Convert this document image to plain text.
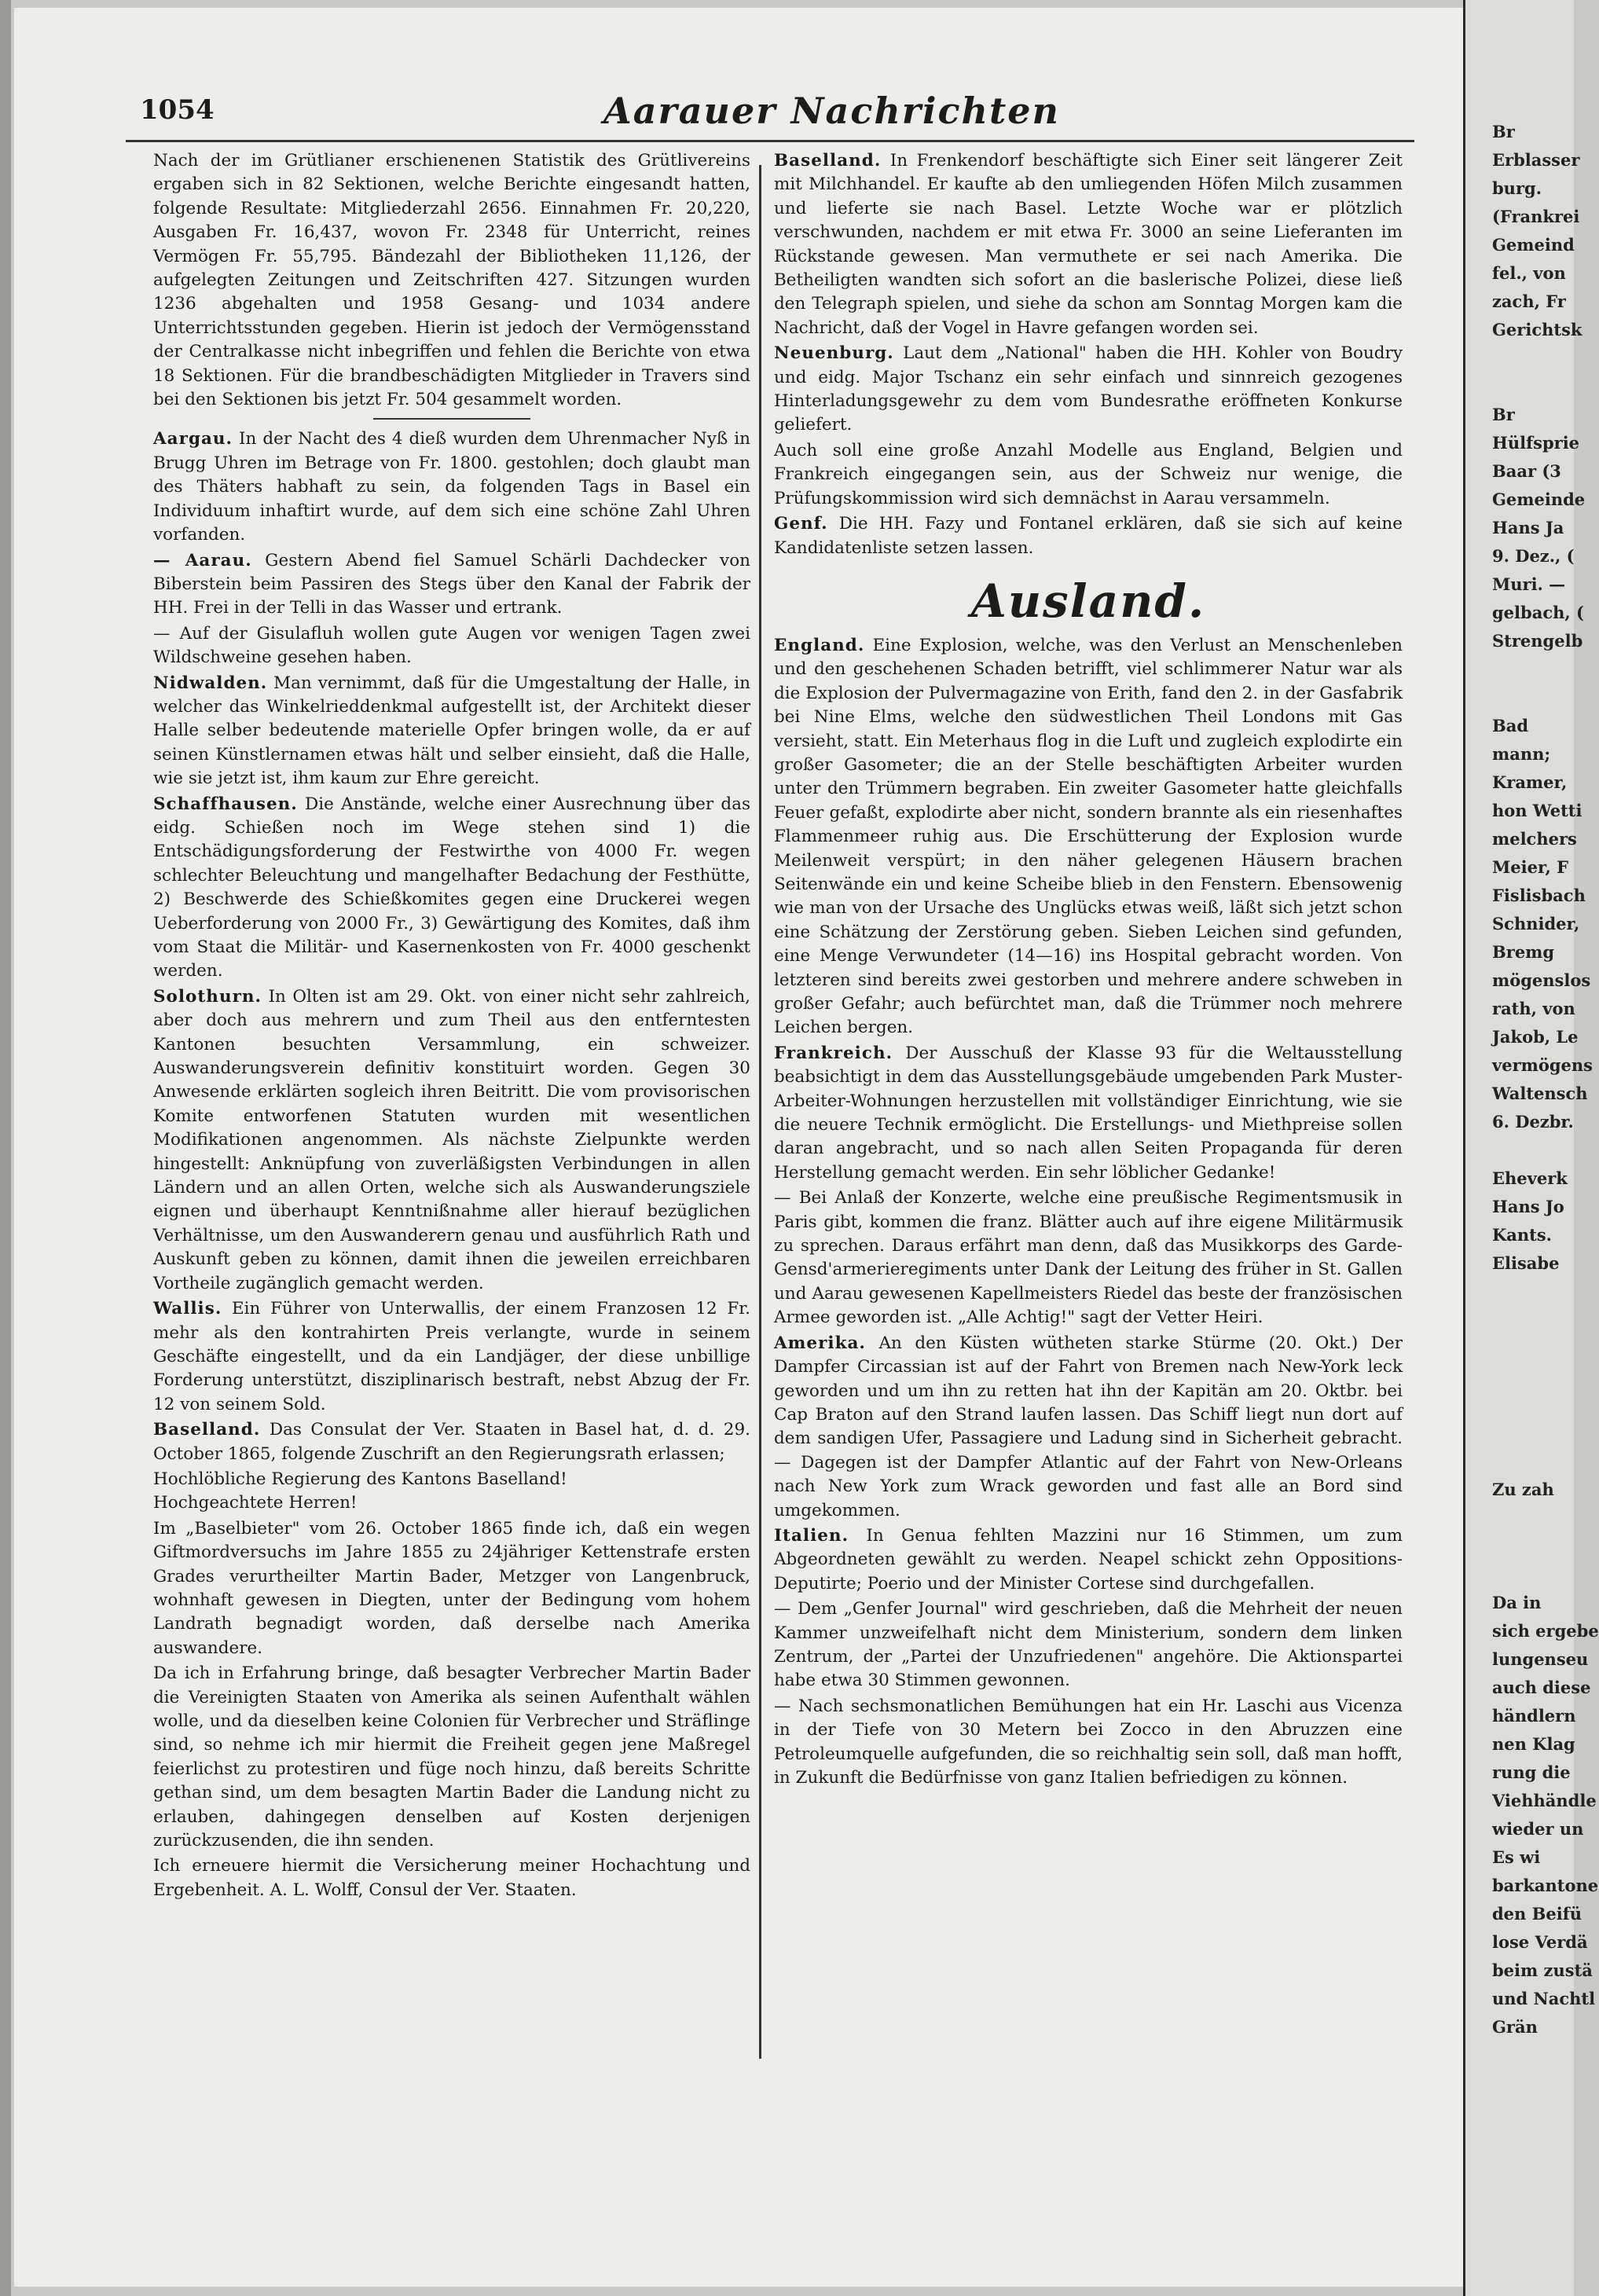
1054	Aarauer Nachrichten

Nach der im Grütlianer erschienenen Statistik des Grütlivereins ergaben sich in 82 Sektionen, welche Berichte eingesandt hatten, folgende Resultate: Mitgliederzahl 2656. Einnahmen Fr. 20,220, Ausgaben Fr. 16,437, wovon Fr. 2348 für Unterricht, reines Vermögen Fr. 55,795. Bändezahl der Bibliotheken 11,126, der aufgelegten Zeitungen und Zeitschriften 427. Sitzungen wurden 1236 abgehalten und 1958 Gesang- und 1034 andere Unterrichtsstunden gegeben. Hierin ist jedoch der Vermögensstand der Centralkasse nicht inbegriffen und fehlen die Berichte von etwa 18 Sektionen. Für die brandbeschädigten Mitglieder in Travers sind bei den Sektionen bis jetzt Fr. 504 gesammelt worden.

Aargau. In der Nacht des 4 dieß wurden dem Uhrenmacher Nyß in Brugg Uhren im Betrage von Fr. 1800. gestohlen; doch glaubt man des Thäters habhaft zu sein, da folgenden Tags in Basel ein Individuum inhaftirt wurde, auf dem sich eine schöne Zahl Uhren vorfanden.

— Aarau. Gestern Abend fiel Samuel Schärli Dachdecker von Biberstein beim Passiren des Stegs über den Kanal der Fabrik der HH. Frei in der Telli in das Wasser und ertrank.

— Auf der Gisulafluh wollen gute Augen vor wenigen Tagen zwei Wildschweine gesehen haben.

Nidwalden. Man vernimmt, daß für die Umgestaltung der Halle, in welcher das Winkelrieddenkmal aufgestellt ist, der Architekt dieser Halle selber bedeutende materielle Opfer bringen wolle, da er auf seinen Künstlernamen etwas hält und selber einsieht, daß die Halle, wie sie jetzt ist, ihm kaum zur Ehre gereicht.

Schaffhausen. Die Anstände, welche einer Ausrechnung über das eidg. Schießen noch im Wege stehen sind 1) die Entschädigungsforderung der Festwirthe von 4000 Fr. wegen schlechter Beleuchtung und mangelhafter Bedachung der Festhütte, 2) Beschwerde des Schießkomites gegen eine Druckerei wegen Ueberforderung von 2000 Fr., 3) Gewärtigung des Komites, daß ihm vom Staat die Militär- und Kasernenkosten von Fr. 4000 geschenkt werden.

Solothurn. In Olten ist am 29. Okt. von einer nicht sehr zahlreich, aber doch aus mehrern und zum Theil aus den entferntesten Kantonen besuchten Versammlung, ein schweizer. Auswanderungsverein definitiv konstituirt worden. Gegen 30 Anwesende erklärten sogleich ihren Beitritt. Die vom provisorischen Komite entworfenen Statuten wurden mit wesentlichen Modifikationen angenommen. Als nächste Zielpunkte werden hingestellt: Anknüpfung von zuverläßigsten Verbindungen in allen Ländern und an allen Orten, welche sich als Auswanderungsziele eignen und überhaupt Kenntnißnahme aller hierauf bezüglichen Verhältnisse, um den Auswanderern genau und ausführlich Rath und Auskunft geben zu können, damit ihnen die jeweilen erreichbaren Vortheile zugänglich gemacht werden.

Wallis. Ein Führer von Unterwallis, der einem Franzosen 12 Fr. mehr als den kontrahirten Preis verlangte, wurde in seinem Geschäfte eingestellt, und da ein Landjäger, der diese unbillige Forderung unterstützt, disziplinarisch bestraft, nebst Abzug der Fr. 12 von seinem Sold.

Baselland. Das Consulat der Ver. Staaten in Basel hat, d. d. 29. October 1865, folgende Zuschrift an den Regierungsrath erlassen;

Hochlöbliche Regierung des Kantons Baselland!
Hochgeachtete Herren!

Im „Baselbieter" vom 26. October 1865 finde ich, daß ein wegen Giftmordversuchs im Jahre 1855 zu 24jähriger Kettenstrafe ersten Grades verurtheilter Martin Bader, Metzger von Langenbruck, wohnhaft gewesen in Diegten, unter der Bedingung vom hohem Landrath begnadigt worden, daß derselbe nach Amerika auswandere.

Da ich in Erfahrung bringe, daß besagter Verbrecher Martin Bader die Vereinigten Staaten von Amerika als seinen Aufenthalt wählen wolle, und da dieselben keine Colonien für Verbrecher und Sträflinge sind, so nehme ich mir hiermit die Freiheit gegen jene Maßregel feierlichst zu protestiren und füge noch hinzu, daß bereits Schritte gethan sind, um dem besagten Martin Bader die Landung nicht zu erlauben, dahingegen denselben auf Kosten derjenigen zurückzusenden, die ihn senden.

Ich erneuere hiermit die Versicherung meiner Hochachtung und Ergebenheit. A. L. Wolff, Consul der Ver. Staaten.

Baselland. In Frenkendorf beschäftigte sich Einer seit längerer Zeit mit Milchhandel. Er kaufte ab den umliegenden Höfen Milch zusammen und lieferte sie nach Basel. Letzte Woche war er plötzlich verschwunden, nachdem er mit etwa Fr. 3000 an seine Lieferanten im Rückstande gewesen. Man vermuthete er sei nach Amerika. Die Betheiligten wandten sich sofort an die baslerische Polizei, diese ließ den Telegraph spielen, und siehe da schon am Sonntag Morgen kam die Nachricht, daß der Vogel in Havre gefangen worden sei.

Neuenburg. Laut dem „National" haben die HH. Kohler von Boudry und eidg. Major Tschanz ein sehr einfach und sinnreich gezogenes Hinterladungsgewehr zu dem vom Bundesrathe eröffneten Konkurse geliefert.

Auch soll eine große Anzahl Modelle aus England, Belgien und Frankreich eingegangen sein, aus der Schweiz nur wenige, die Prüfungskommission wird sich demnächst in Aarau versammeln.

Genf. Die HH. Fazy und Fontanel erklären, daß sie sich auf keine Kandidatenliste setzen lassen.

Ausland.

England. Eine Explosion, welche, was den Verlust an Menschenleben und den geschehenen Schaden betrifft, viel schlimmerer Natur war als die Explosion der Pulvermagazine von Erith, fand den 2. in der Gasfabrik bei Nine Elms, welche den südwestlichen Theil Londons mit Gas versieht, statt. Ein Meterhaus flog in die Luft und zugleich explodirte ein großer Gasometer; die an der Stelle beschäftigten Arbeiter wurden unter den Trümmern begraben. Ein zweiter Gasometer hatte gleichfalls Feuer gefaßt, explodirte aber nicht, sondern brannte als ein riesenhaftes Flammenmeer ruhig aus. Die Erschütterung der Explosion wurde Meilenweit verspürt; in den näher gelegenen Häusern brachen Seitenwände ein und keine Scheibe blieb in den Fenstern. Ebensowenig wie man von der Ursache des Unglücks etwas weiß, läßt sich jetzt schon eine Schätzung der Zerstörung geben. Sieben Leichen sind gefunden, eine Menge Verwundeter (14—16) ins Hospital gebracht worden. Von letzteren sind bereits zwei gestorben und mehrere andere schweben in großer Gefahr; auch befürchtet man, daß die Trümmer noch mehrere Leichen bergen.

Frankreich. Der Ausschuß der Klasse 93 für die Weltausstellung beabsichtigt in dem das Ausstellungsgebäude umgebenden Park Muster-Arbeiter-Wohnungen herzustellen mit vollständiger Einrichtung, wie sie die neuere Technik ermöglicht. Die Erstellungs- und Miethpreise sollen daran angebracht, und so nach allen Seiten Propaganda für deren Herstellung gemacht werden. Ein sehr löblicher Gedanke!

— Bei Anlaß der Konzerte, welche eine preußische Regimentsmusik in Paris gibt, kommen die franz. Blätter auch auf ihre eigene Militärmusik zu sprechen. Daraus erfährt man denn, daß das Musikkorps des Garde-Gensd'armerieregiments unter Dank der Leitung des früher in St. Gallen und Aarau gewesenen Kapellmeisters Riedel das beste der französischen Armee geworden ist. „Alle Achtig!" sagt der Vetter Heiri.

Amerika. An den Küsten wütheten starke Stürme (20. Okt.) Der Dampfer Circassian ist auf der Fahrt von Bremen nach New-York leck geworden und um ihn zu retten hat ihn der Kapitän am 20. Oktbr. bei Cap Braton auf den Strand laufen lassen. Das Schiff liegt nun dort auf dem sandigen Ufer, Passagiere und Ladung sind in Sicherheit gebracht. — Dagegen ist der Dampfer Atlantic auf der Fahrt von New-Orleans nach New York zum Wrack geworden und fast alle an Bord sind umgekommen.

Italien. In Genua fehlten Mazzini nur 16 Stimmen, um zum Abgeordneten gewählt zu werden. Neapel schickt zehn Oppositions-Deputirte; Poerio und der Minister Cortese sind durchgefallen.

— Dem „Genfer Journal" wird geschrieben, daß die Mehrheit der neuen Kammer unzweifelhaft nicht dem Ministerium, sondern dem linken Zentrum, der „Partei der Unzufriedenen" angehöre. Die Aktionspartei habe etwa 30 Stimmen gewonnen.

— Nach sechsmonatlichen Bemühungen hat ein Hr. Laschi aus Vicenza in der Tiefe von 30 Metern bei Zocco in den Abruzzen eine Petroleumquelle aufgefunden, die so reichhaltig sein soll, daß man hofft, in Zukunft die Bedürfnisse von ganz Italien befriedigen zu können.

Br
Erblasser
burg.
(Frankrei
Gemeind
fel., von
zach, Fr
Gerichtsk

Br
Hülfsprie
Baar (3
Gemeinde
Hans Ja
9. Dez., (
Muri. —
gelbach, (
Strengelb

Bad
mann;
Kramer,
hon Wetti
melchers
Meier, F
Fislisbach
Schnider,
Bremg
mögenslos
rath, von
Jakob, Le
vermögens
Waltensch
6. Dezbr.

Eheverk
Hans Jo
Kants.
Elisabe

Zu zah

Da in
sich ergebe
lungenseu
auch diese
händlern
nen Klag
rung die
Viehhändle
wieder un
Es wi
barkantone
den Beifü
lose Verdä
beim zustä
und Nachtl
Grän
